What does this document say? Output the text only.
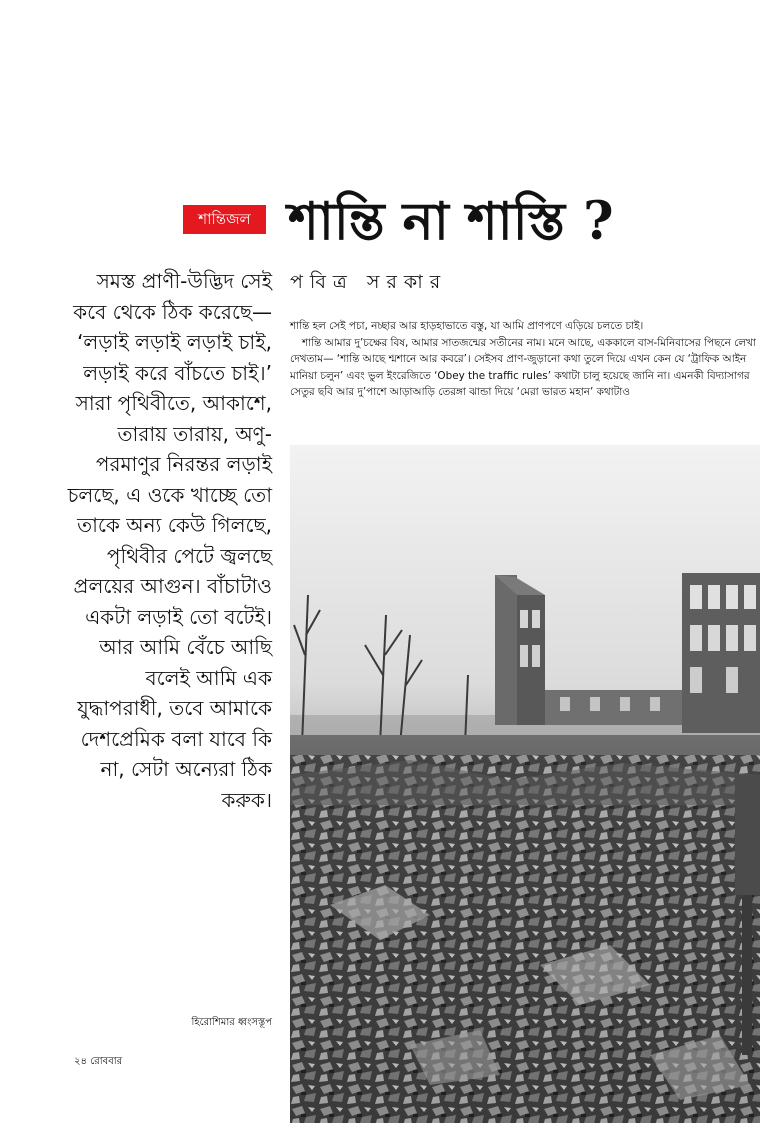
শান্তিজল শান্তি না শাস্তি ?
পবিত্র সরকার

সমস্ত প্রাণী-উদ্ভিদ সেই কবে থেকে ঠিক করেছে— ‘লড়াই লড়াই লড়াই চাই, লড়াই করে বাঁচতে চাই।’ সারা পৃথিবীতে, আকাশে, তারায় তারায়, অণু-পরমাণুর নিরন্তর লড়াই চলছে, এ ওকে খাচ্ছে তো তাকে অন্য কেউ গিলছে, পৃথিবীর পেটে জ্বলছে প্রলয়ের আগুন। বাঁচাটাও একটা লড়াই তো বটেই। আর আমি বেঁচে আছি বলেই আমি এক যুদ্ধাপরাধী, তবে আমাকে দেশপ্রেমিক বলা যাবে কি না, সেটা অন্যেরা ঠিক করুক।

শান্তি হল সেই পচা, নচ্ছার আর হাড়হাভাতে বস্তু, যা আমি প্রাণপণে এড়িয়ে চলতে চাই।

শান্তি আমার দু’চক্ষের বিষ, আমার সাতজন্মের সতীনের নাম। মনে আছে, এককালে বাস-মিনিবাসের পিছনে লেখা দেখতাম— ‘শান্তি আছে শ্মশানে আর কবরে’। সেইসব প্রাণ-জুড়ানো কথা তুলে দিয়ে এখন কেন যে ‘ট্রাফিক আইন মানিয়া চলুন’ এবং ভুল ইংরেজিতে ‘Obey the traffic rules’ কথাটা চালু হয়েছে জানি না। এমনকী বিদ্যাসাগর সেতুর ছবি আর দু’পাশে আড়াআড়ি তেরঙ্গা ঝান্ডা দিয়ে ‘মেরা ভারত মহান’ কথাটাও

হিরোশিমার ধ্বংসস্তূপ
২৪ রোববার
